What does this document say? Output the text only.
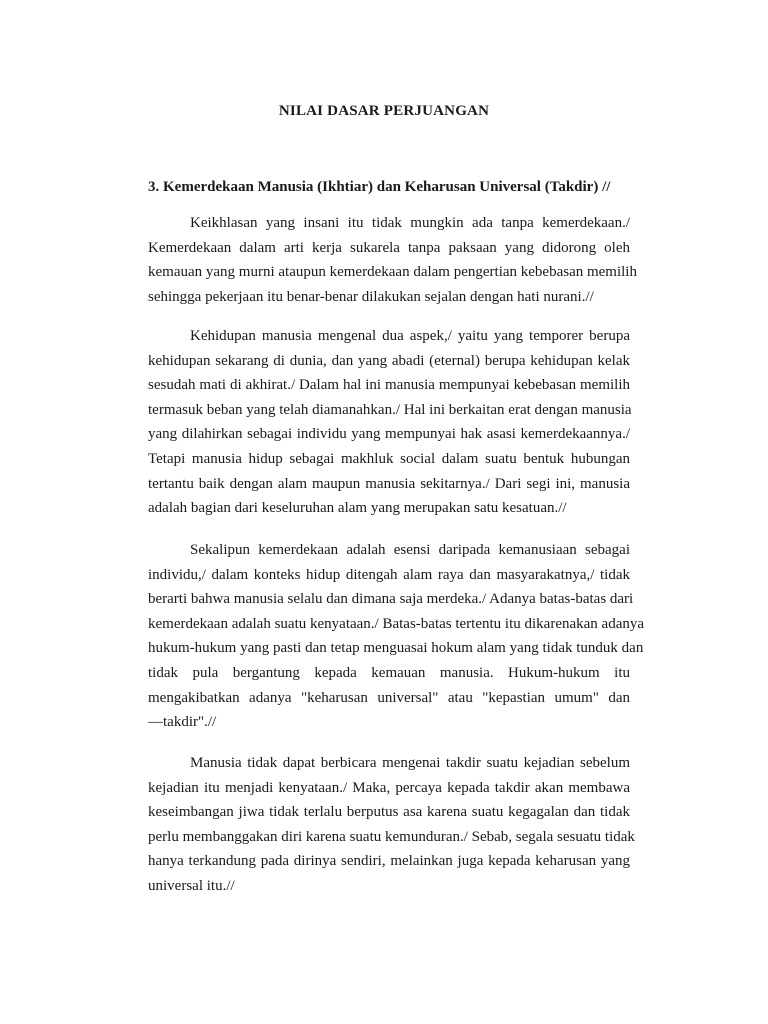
NILAI DASAR PERJUANGAN
3. Kemerdekaan Manusia (Ikhtiar) dan Keharusan Universal (Takdir) //
Keikhlasan yang insani itu tidak mungkin ada tanpa kemerdekaan./
Kemerdekaan dalam arti kerja sukarela tanpa paksaan yang didorong oleh
kemauan yang murni ataupun kemerdekaan dalam pengertian kebebasan memilih
sehingga pekerjaan itu benar-benar dilakukan sejalan dengan hati nurani.//
Kehidupan manusia mengenal dua aspek,/ yaitu yang temporer berupa
kehidupan sekarang di dunia, dan yang abadi (eternal) berupa kehidupan kelak
sesudah mati di akhirat./ Dalam hal ini manusia mempunyai kebebasan memilih
termasuk beban yang telah diamanahkan./ Hal ini berkaitan erat dengan manusia
yang dilahirkan sebagai individu yang mempunyai hak asasi kemerdekaannya./
Tetapi manusia hidup sebagai makhluk social dalam suatu bentuk hubungan
tertantu baik dengan alam maupun manusia sekitarnya./ Dari segi ini, manusia
adalah bagian dari keseluruhan alam yang merupakan satu kesatuan.//
Sekalipun kemerdekaan adalah esensi daripada kemanusiaan sebagai
individu,/ dalam konteks hidup ditengah alam raya dan masyarakatnya,/ tidak
berarti bahwa manusia selalu dan dimana saja merdeka./ Adanya batas-batas dari
kemerdekaan adalah suatu kenyataan./ Batas-batas tertentu itu dikarenakan adanya
hukum-hukum yang pasti dan tetap menguasai hokum alam yang tidak tunduk dan
tidak pula bergantung kepada kemauan manusia. Hukum-hukum itu
mengakibatkan adanya "keharusan universal" atau "kepastian umum" dan
—takdir".//
Manusia tidak dapat berbicara mengenai takdir suatu kejadian sebelum
kejadian itu menjadi kenyataan./ Maka, percaya kepada takdir akan membawa
keseimbangan jiwa tidak terlalu berputus asa karena suatu kegagalan dan tidak
perlu membanggakan diri karena suatu kemunduran./ Sebab, segala sesuatu tidak
hanya terkandung pada dirinya sendiri, melainkan juga kepada keharusan yang
universal itu.//
